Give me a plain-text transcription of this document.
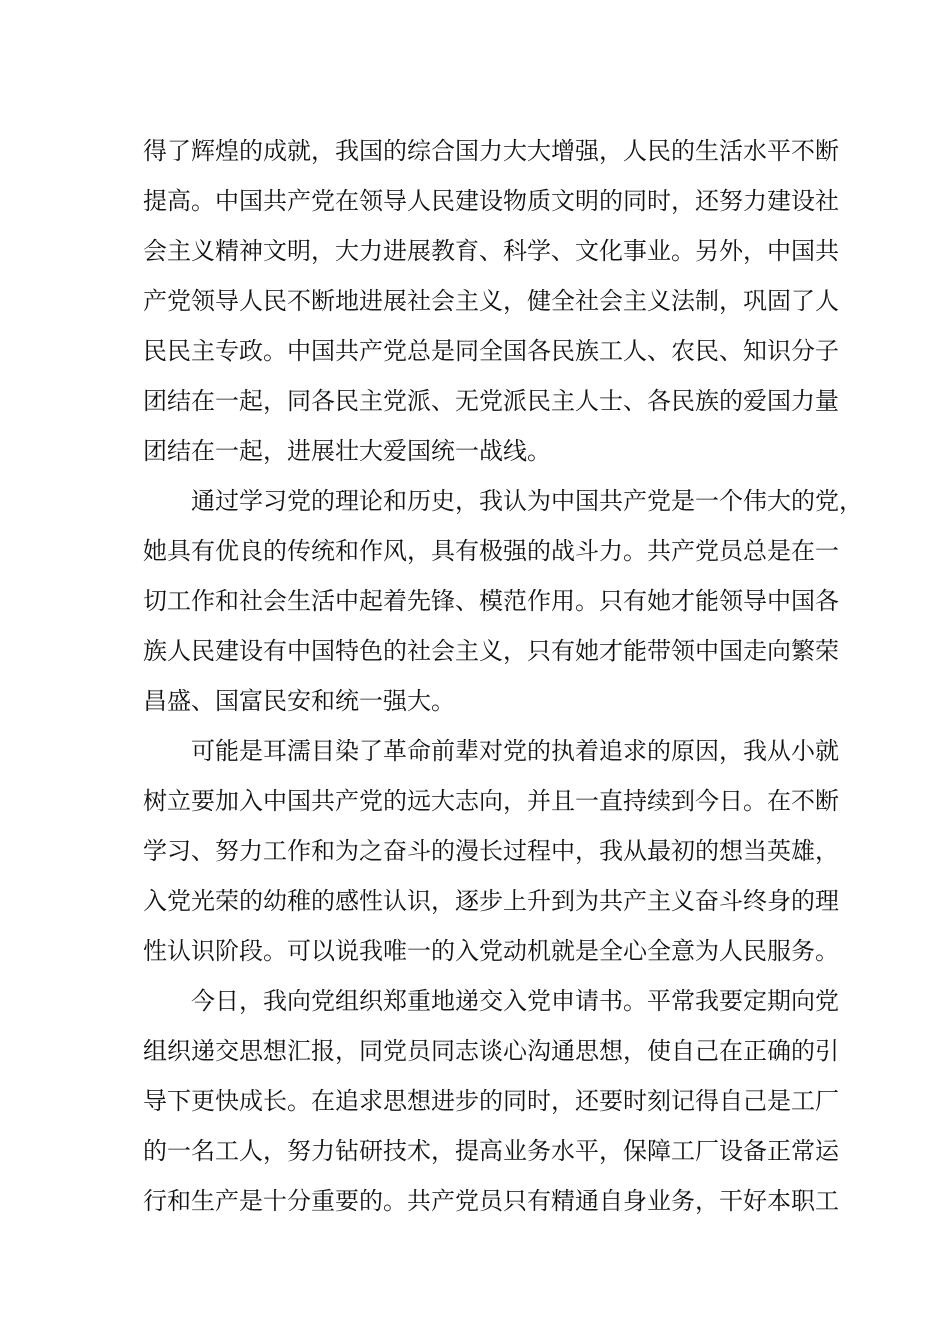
得了辉煌的成就，我国的综合国力大大增强，人民的生活水平不断
提高。中国共产党在领导人民建设物质文明的同时，还努力建设社
会主义精神文明，大力进展教育、科学、文化事业。另外，中国共
产党领导人民不断地进展社会主义，健全社会主义法制，巩固了人
民民主专政。中国共产党总是同全国各民族工人、农民、知识分子
团结在一起，同各民主党派、无党派民主人士、各民族的爱国力量
团结在一起，进展壮大爱国统一战线。
通过学习党的理论和历史，我认为中国共产党是一个伟大的党，
她具有优良的传统和作风，具有极强的战斗力。共产党员总是在一
切工作和社会生活中起着先锋、模范作用。只有她才能领导中国各
族人民建设有中国特色的社会主义，只有她才能带领中国走向繁荣
昌盛、国富民安和统一强大。
可能是耳濡目染了革命前辈对党的执着追求的原因，我从小就
树立要加入中国共产党的远大志向，并且一直持续到今日。在不断
学习、努力工作和为之奋斗的漫长过程中，我从最初的想当英雄，
入党光荣的幼稚的感性认识，逐步上升到为共产主义奋斗终身的理
性认识阶段。可以说我唯一的入党动机就是全心全意为人民服务。
今日，我向党组织郑重地递交入党申请书。平常我要定期向党
组织递交思想汇报，同党员同志谈心沟通思想，使自己在正确的引
导下更快成长。在追求思想进步的同时，还要时刻记得自己是工厂
的一名工人，努力钻研技术，提高业务水平，保障工厂设备正常运
行和生产是十分重要的。共产党员只有精通自身业务，干好本职工
